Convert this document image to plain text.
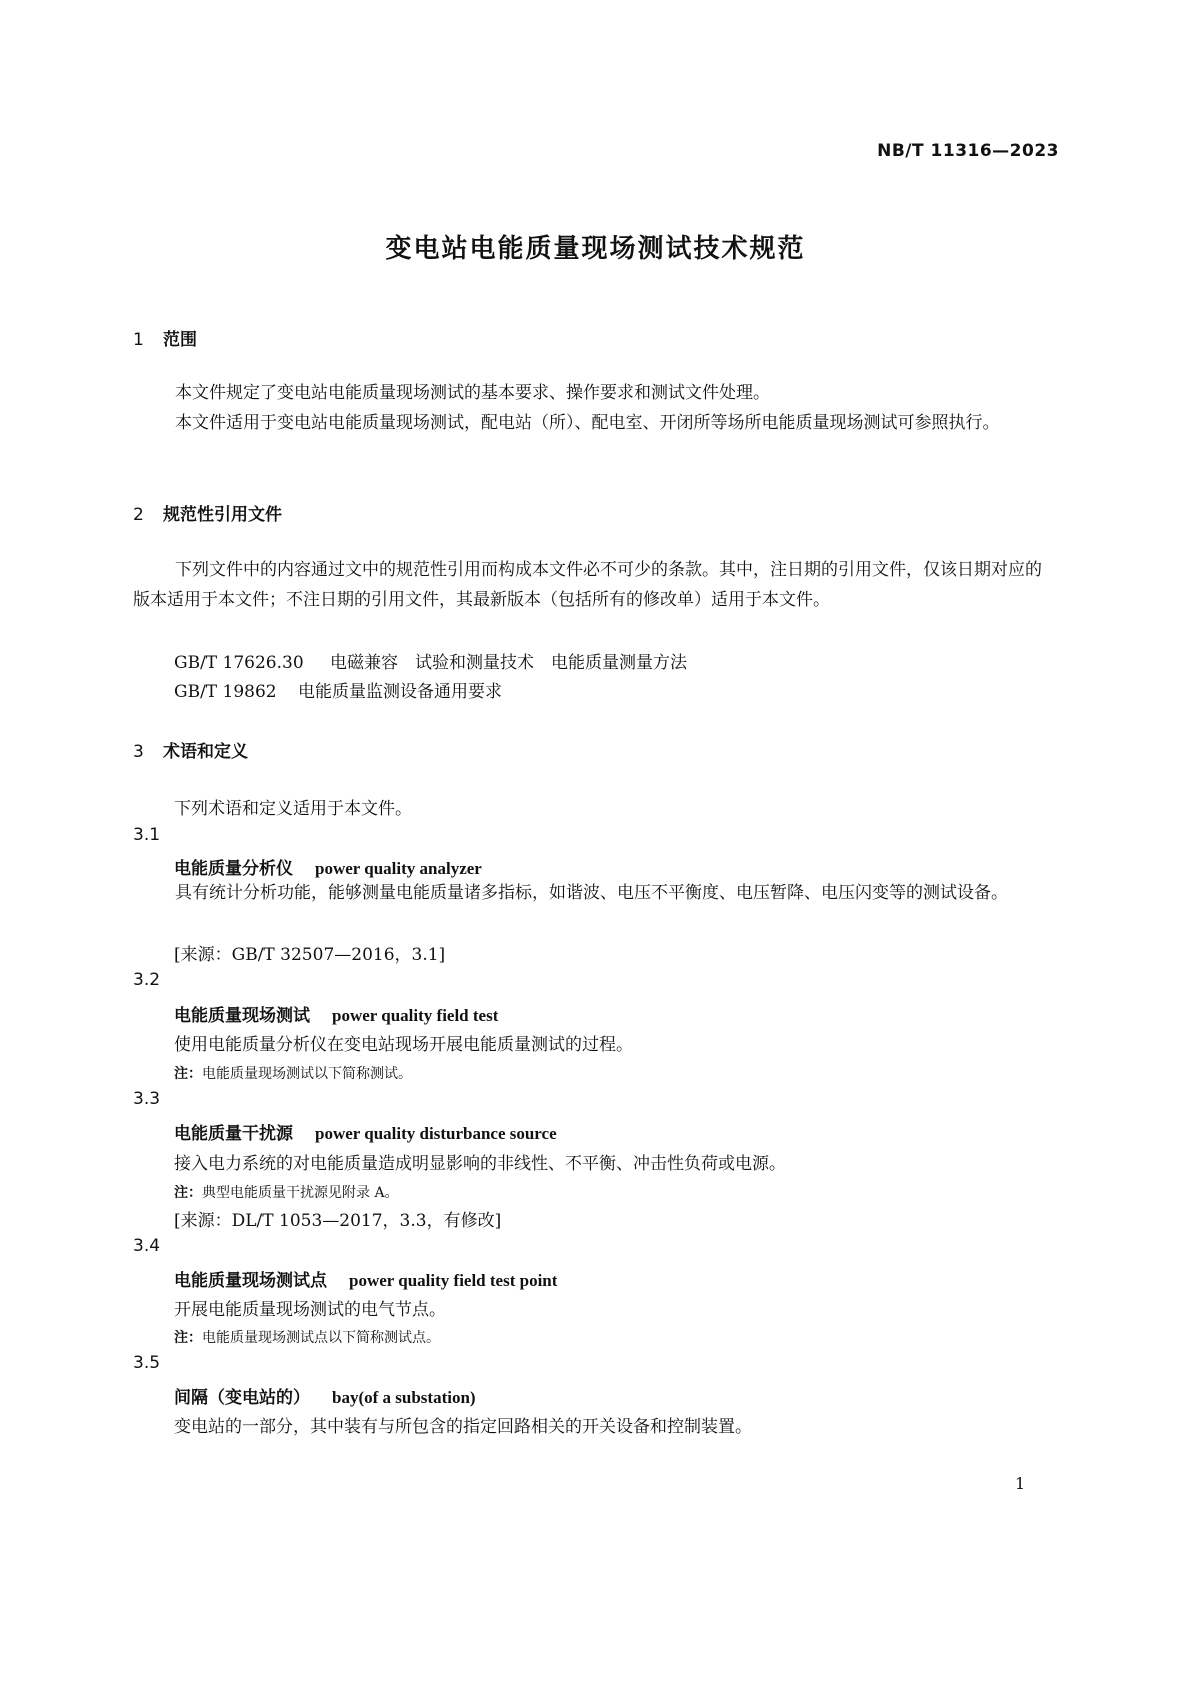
NB/T 11316—2023
变电站电能质量现场测试技术规范
1 范围
本文件规定了变电站电能质量现场测试的基本要求、操作要求和测试文件处理。
本文件适用于变电站电能质量现场测试，配电站（所）、配电室、开闭所等场所电能质量现场测试可参照执行。
2 规范性引用文件
下列文件中的内容通过文中的规范性引用而构成本文件必不可少的条款。其中，注日期的引用文件，仅该日期对应的版本适用于本文件；不注日期的引用文件，其最新版本（包括所有的修改单）适用于本文件。
GB/T 17626.30 电磁兼容　试验和测量技术　电能质量测量方法
GB/T 19862 电能质量监测设备通用要求
3 术语和定义
下列术语和定义适用于本文件。
3.1
电能质量分析仪 power quality analyzer
具有统计分析功能，能够测量电能质量诸多指标，如谐波、电压不平衡度、电压暂降、电压闪变等的测试设备。
[来源：GB/T 32507—2016，3.1]
3.2
电能质量现场测试 power quality field test
使用电能质量分析仪在变电站现场开展电能质量测试的过程。
注：电能质量现场测试以下简称测试。
3.3
电能质量干扰源 power quality disturbance source
接入电力系统的对电能质量造成明显影响的非线性、不平衡、冲击性负荷或电源。
注：典型电能质量干扰源见附录 A。
[来源：DL/T 1053—2017，3.3，有修改]
3.4
电能质量现场测试点 power quality field test point
开展电能质量现场测试的电气节点。
注：电能质量现场测试点以下简称测试点。
3.5
间隔（变电站的） bay(of a substation)
变电站的一部分，其中装有与所包含的指定回路相关的开关设备和控制装置。
1
